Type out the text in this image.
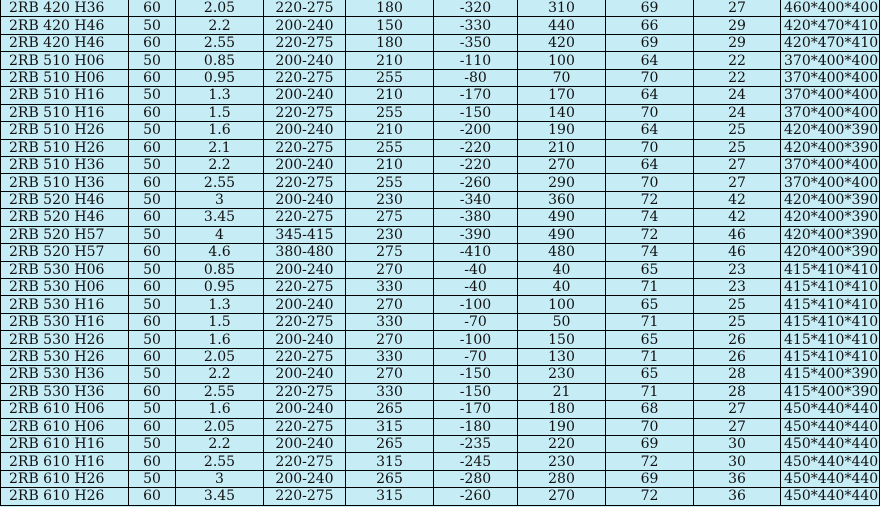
2RB 420 H36	60	2.05	220-275	180	-320	310	69	27	460*400*400
2RB 420 H46	50	2.2	200-240	150	-330	440	66	29	420*470*410
2RB 420 H46	60	2.55	220-275	180	-350	420	69	29	420*470*410
2RB 510 H06	50	0.85	200-240	210	-110	100	64	22	370*400*400
2RB 510 H06	60	0.95	220-275	255	-80	70	70	22	370*400*400
2RB 510 H16	50	1.3	200-240	210	-170	170	64	24	370*400*400
2RB 510 H16	60	1.5	220-275	255	-150	140	70	24	370*400*400
2RB 510 H26	50	1.6	200-240	210	-200	190	64	25	420*400*390
2RB 510 H26	60	2.1	220-275	255	-220	210	70	25	420*400*390
2RB 510 H36	50	2.2	200-240	210	-220	270	64	27	370*400*400
2RB 510 H36	60	2.55	220-275	255	-260	290	70	27	370*400*400
2RB 520 H46	50	3	200-240	230	-340	360	72	42	420*400*390
2RB 520 H46	60	3.45	220-275	275	-380	490	74	42	420*400*390
2RB 520 H57	50	4	345-415	230	-390	490	72	46	420*400*390
2RB 520 H57	60	4.6	380-480	275	-410	480	74	46	420*400*390
2RB 530 H06	50	0.85	200-240	270	-40	40	65	23	415*410*410
2RB 530 H06	60	0.95	220-275	330	-40	40	71	23	415*410*410
2RB 530 H16	50	1.3	200-240	270	-100	100	65	25	415*410*410
2RB 530 H16	60	1.5	220-275	330	-70	50	71	25	415*410*410
2RB 530 H26	50	1.6	200-240	270	-100	150	65	26	415*410*410
2RB 530 H26	60	2.05	220-275	330	-70	130	71	26	415*410*410
2RB 530 H36	50	2.2	200-240	270	-150	230	65	28	415*400*390
2RB 530 H36	60	2.55	220-275	330	-150	21	71	28	415*400*390
2RB 610 H06	50	1.6	200-240	265	-170	180	68	27	450*440*440
2RB 610 H06	60	2.05	220-275	315	-180	190	70	27	450*440*440
2RB 610 H16	50	2.2	200-240	265	-235	220	69	30	450*440*440
2RB 610 H16	60	2.55	220-275	315	-245	230	72	30	450*440*440
2RB 610 H26	50	3	200-240	265	-280	280	69	36	450*440*440
2RB 610 H26	60	3.45	220-275	315	-260	270	72	36	450*440*440
